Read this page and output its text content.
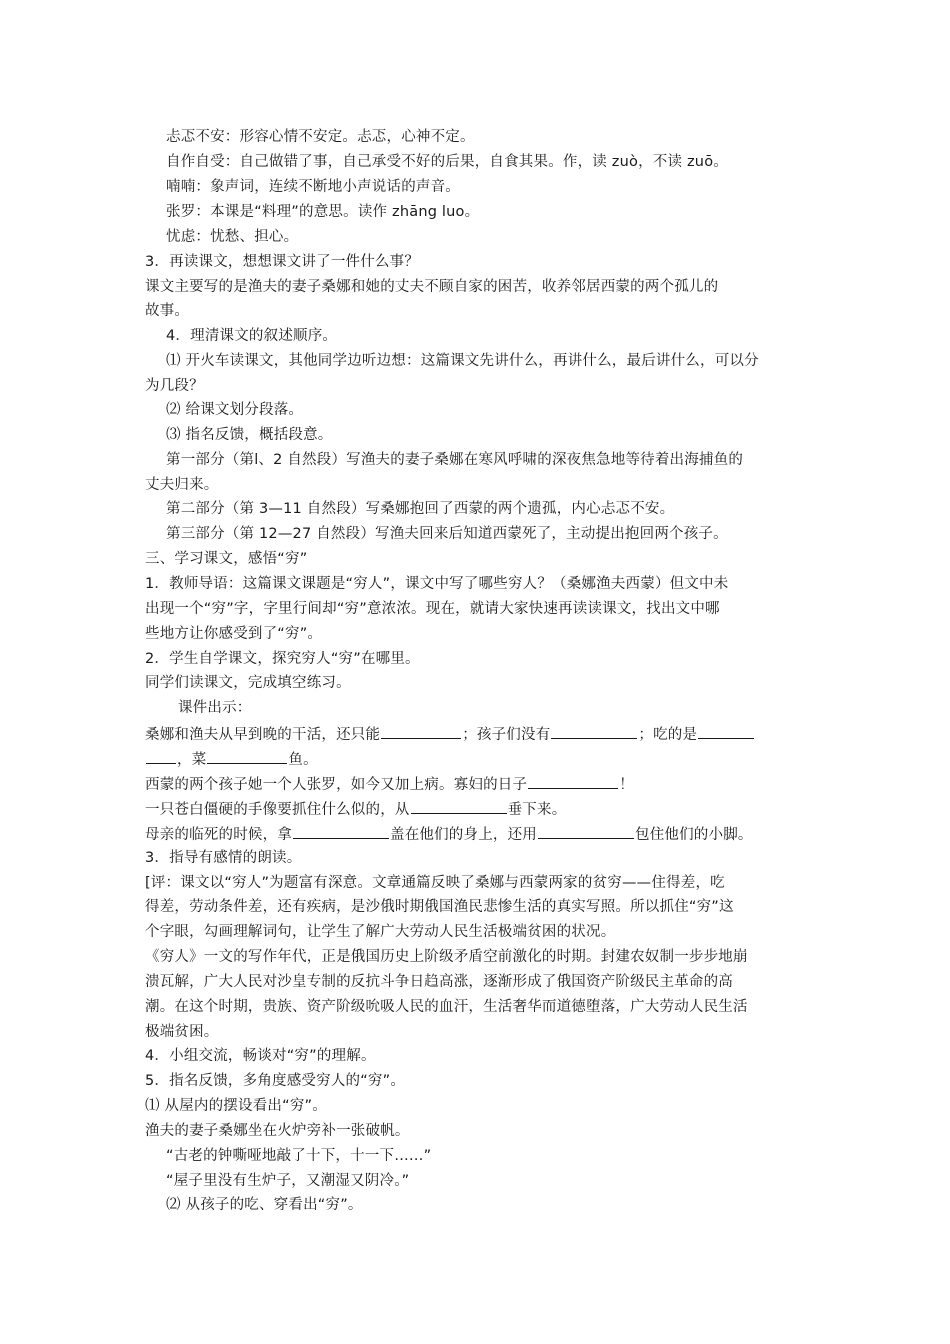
忐忑不安：形容心情不安定。忐忑，心神不定。
自作自受：自己做错了事，自己承受不好的后果，自食其果。作，读 zuò，不读 zuō。
喃喃：象声词，连续不断地小声说话的声音。
张罗：本课是“料理”的意思。读作 zhāng luo。
忧虑：忧愁、担心。
3．再读课文，想想课文讲了一件什么事？
课文主要写的是渔夫的妻子桑娜和她的丈夫不顾自家的困苦，收养邻居西蒙的两个孤儿的
故事。
4．理清课文的叙述顺序。
⑴ 开火车读课文，其他同学边听边想：这篇课文先讲什么，再讲什么，最后讲什么，可以分
为几段？
⑵ 给课文划分段落。
⑶ 指名反馈，概括段意。
第一部分（第l、2 自然段）写渔夫的妻子桑娜在寒风呼啸的深夜焦急地等待着出海捕鱼的
丈夫归来。
第二部分（第 3—11 自然段）写桑娜抱回了西蒙的两个遗孤，内心忐忑不安。
第三部分（第 12—27 自然段）写渔夫回来后知道西蒙死了，主动提出抱回两个孩子。
三、学习课文，感悟“穷”
1．教师导语：这篇课文课题是“穷人”，课文中写了哪些穷人？（桑娜渔夫西蒙）但文中未
出现一个“穷”字，字里行间却“穷”意浓浓。现在，就请大家快速再读读课文，找出文中哪
些地方让你感受到了“穷”。
2．学生自学课文，探究穷人“穷”在哪里。
同学们读课文，完成填空练习。
课件出示：
桑娜和渔夫从早到晚的干活，还只能	；孩子们没有	；吃的是
，菜	鱼。
西蒙的两个孩子她一个人张罗，如今又加上病。寡妇的日子	！
一只苍白僵硬的手像要抓住什么似的，从	垂下来。
母亲的临死的时候，拿	盖在他们的身上，还用	包住他们的小脚。
3．指导有感情的朗读。
[评：课文以“穷人”为题富有深意。文章通篇反映了桑娜与西蒙两家的贫穷——住得差，吃
得差，劳动条件差，还有疾病，是沙俄时期俄国渔民悲惨生活的真实写照。所以抓住“穷”这
个字眼，勾画理解词句，让学生了解广大劳动人民生活极端贫困的状况。
《穷人》一文的写作年代，正是俄国历史上阶级矛盾空前激化的时期。封建农奴制一步步地崩
溃瓦解，广大人民对沙皇专制的反抗斗争日趋高涨，逐渐形成了俄国资产阶级民主革命的高
潮。在这个时期，贵族、资产阶级吮吸人民的血汗，生活奢华而道德堕落，广大劳动人民生活
极端贫困。
4．小组交流，畅谈对“穷”的理解。
5．指名反馈，多角度感受穷人的“穷”。
⑴ 从屋内的摆设看出“穷”。
渔夫的妻子桑娜坐在火炉旁补一张破帆。
“古老的钟嘶哑地敲了十下，十一下……”
“屋子里没有生炉子，又潮湿又阴冷。”
⑵ 从孩子的吃、穿看出“穷”。
